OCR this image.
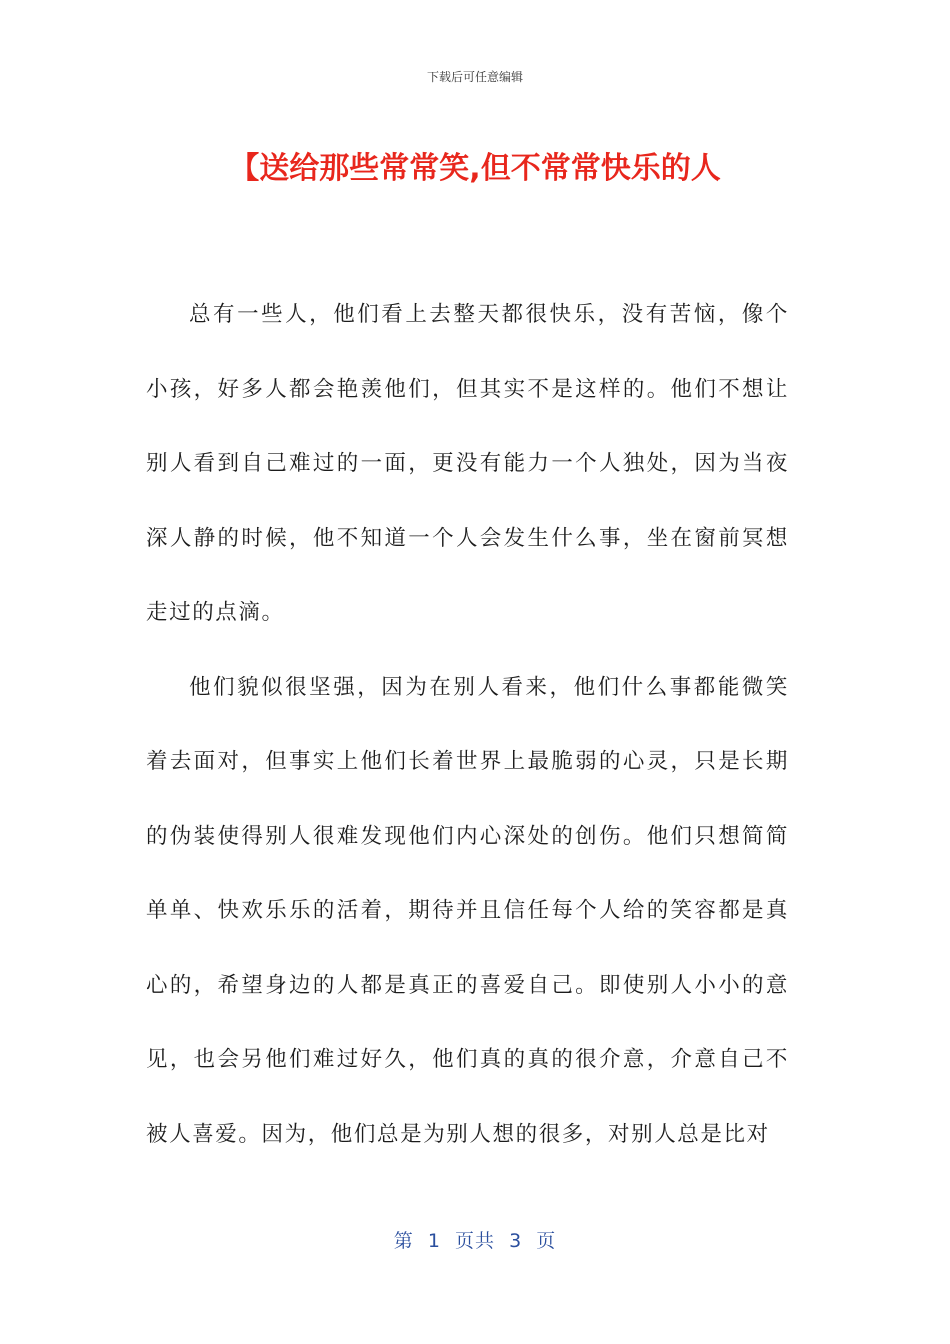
下载后可任意编辑
【送给那些常常笑,但不常常快乐的人

总有一些人，他们看上去整天都很快乐，没有苦恼，像个小孩，好多人都会艳羡他们，但其实不是这样的。他们不想让别人看到自己难过的一面，更没有能力一个人独处，因为当夜深人静的时候，他不知道一个人会发生什么事，坐在窗前冥想走过的点滴。

他们貌似很坚强，因为在别人看来，他们什么事都能微笑着去面对，但事实上他们长着世界上最脆弱的心灵，只是长期的伪装使得别人很难发现他们内心深处的创伤。他们只想简简单单、快欢乐乐的活着，期待并且信任每个人给的笑容都是真心的，希望身边的人都是真正的喜爱自己。即使别人小小的意见，也会另他们难过好久，他们真的真的很介意，介意自己不被人喜爱。因为，他们总是为别人想的很多，对别人总是比对

第  1  页共  3  页
